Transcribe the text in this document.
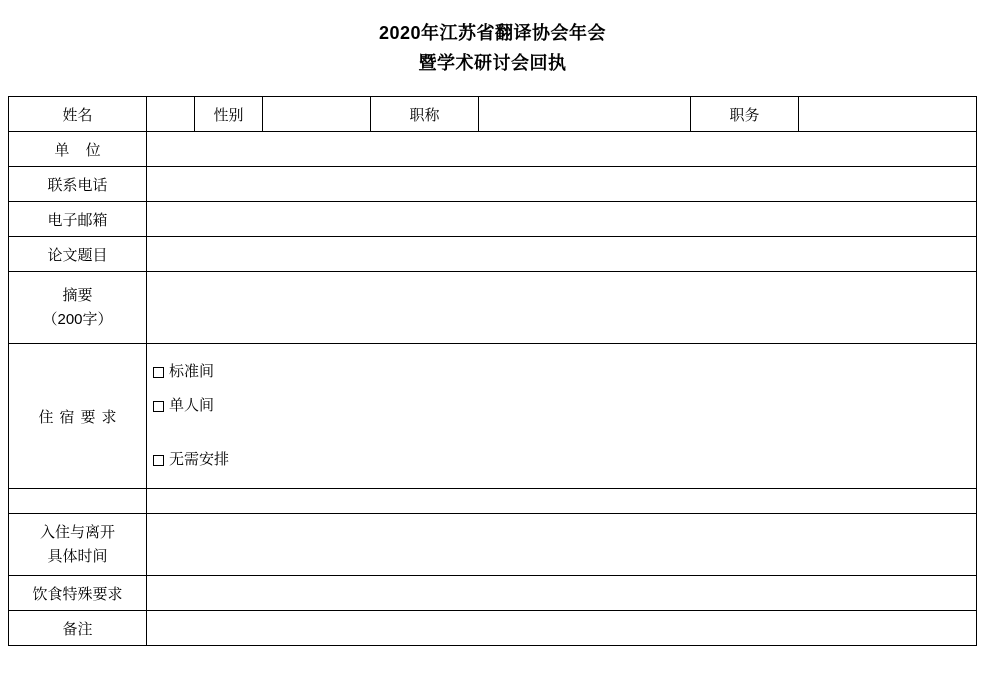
2020年江苏省翻译协会年会
暨学术研讨会回执
姓名		性别		职称		职务	
单 位							
联系电话							
电子邮箱							
论文题目							

摘要
（200字）							

住宿要求	标准间
单人间
无需安排						

入住与离开
具体时间							

饮食特殊要求							
备注							
